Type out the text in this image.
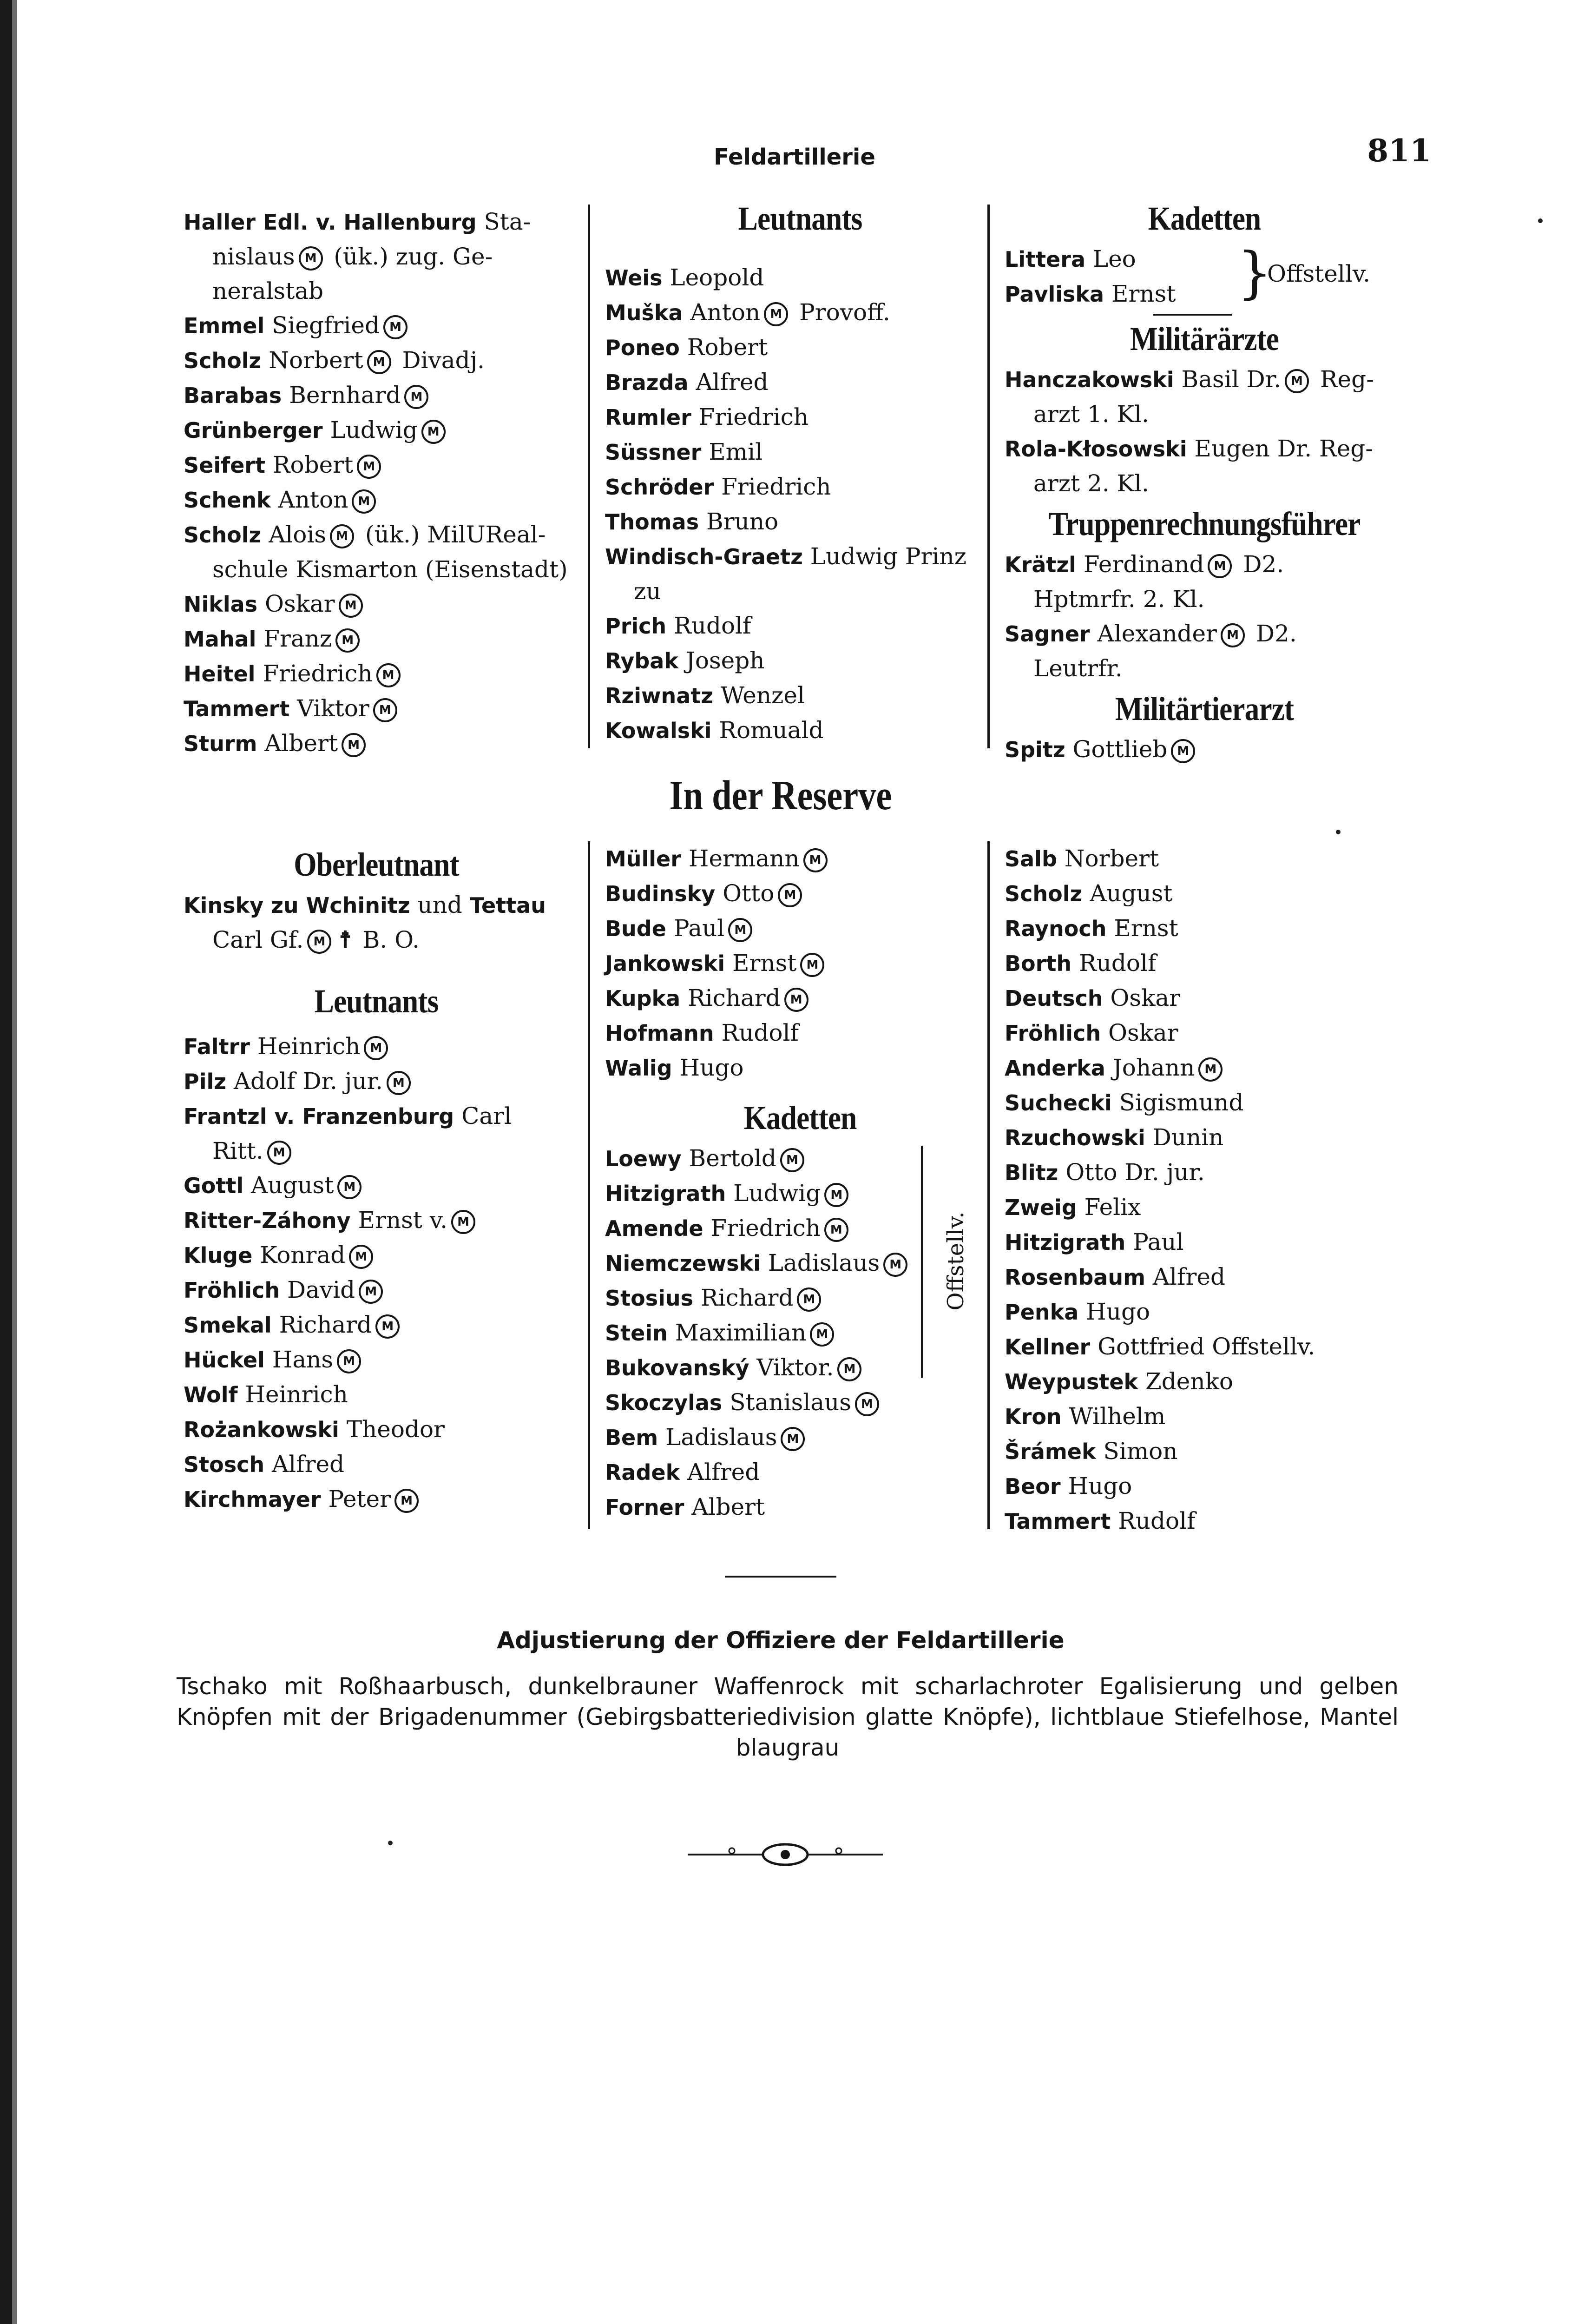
Feldartillerie	811
Haller Edl. v. Hallenburg Sta-
nislaus M (ük.) zug. Ge-
neralstab
Emmel Siegfried M
Scholz Norbert M Divadj.
Barabas Bernhard M
Grünberger Ludwig M
Seifert Robert M
Schenk Anton M
Scholz Alois M (ük.) MilUReal-
schule Kismarton (Eisenstadt)
Niklas Oskar M
Mahal Franz M
Heitel Friedrich M
Tammert Viktor M
Sturm Albert M
Leutnants
Weis Leopold
Muška Anton M Provoff.
Poneo Robert
Brazda Alfred
Rumler Friedrich
Süssner Emil
Schröder Friedrich
Thomas Bruno
Windisch-Graetz Ludwig Prinz
zu
Prich Rudolf
Rybak Joseph
Rziwnatz Wenzel
Kowalski Romuald
Kadetten
Littera Leo
Pavliska Ernst	}
Offstellv.
Militärärzte
Hanczakowski Basil Dr. M Reg-
arzt 1. Kl.
Rola-Kłosowski Eugen Dr. Reg-
arzt 2. Kl.
Truppenrechnungsführer
Krätzl Ferdinand M D2.
Hptmrfr. 2. Kl.
Sagner Alexander M D2.
Leutrfr.
Militärtierarzt
Spitz Gottlieb M
In der Reserve
Oberleutnant
Kinsky zu Wchinitz und Tettau
Carl Gf. M ☨ B. O.
Leutnants
Faltrr Heinrich M
Pilz Adolf Dr. jur. M
Frantzl v. Franzenburg Carl
Ritt. M
Gottl August M
Ritter-Záhony Ernst v. M
Kluge Konrad M
Fröhlich David M
Smekal Richard M
Hückel Hans M
Wolf Heinrich
Rożankowski Theodor
Stosch Alfred
Kirchmayer Peter M
Müller Hermann M
Budinsky Otto M
Bude Paul M
Jankowski Ernst M
Kupka Richard M
Hofmann Rudolf
Walig Hugo
Kadetten
Loewy Bertold M
Hitzigrath Ludwig M
Amende Friedrich M
Niemczewski Ladislaus M
Stosius Richard M
Stein Maximilian M
Bukovanský Viktor. M
Skoczylas Stanislaus M
Bem Ladislaus M
Radek Alfred
Forner Albert
Offstellv.
Salb Norbert
Scholz August
Raynoch Ernst
Borth Rudolf
Deutsch Oskar
Fröhlich Oskar
Anderka Johann M
Suchecki Sigismund
Rzuchowski Dunin
Blitz Otto Dr. jur.
Zweig Felix
Hitzigrath Paul
Rosenbaum Alfred
Penka Hugo
Kellner Gottfried Offstellv.
Weypustek Zdenko
Kron Wilhelm
Šrámek Simon
Beor Hugo
Tammert Rudolf
Adjustierung der Offiziere der Feldartillerie
Tschako mit Roßhaarbusch, dunkelbrauner Waffenrock mit scharlachroter Egalisierung und gelben Knöpfen mit der Brigadenummer (Gebirgsbatteriedivision glatte Knöpfe), lichtblaue Stiefelhose, Mantel blaugrau
